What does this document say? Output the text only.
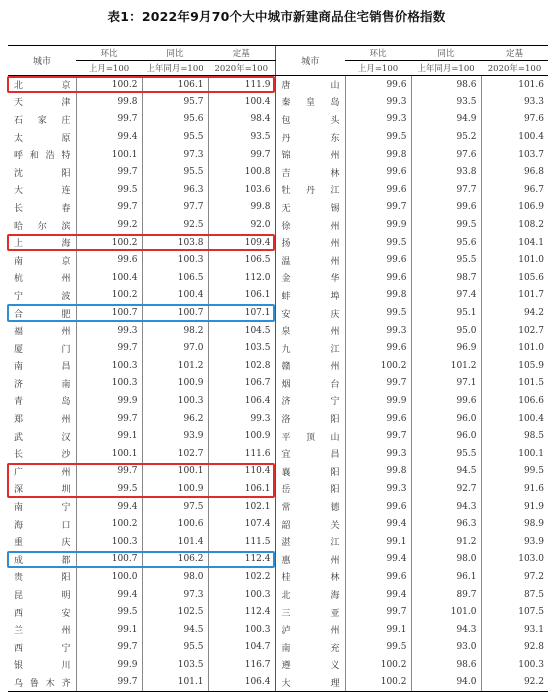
表1：2022年9月70个大中城市新建商品住宅销售价格指数
城市	环比	同比	定基	城市	环比	同比	定基
	上月=100	上年同月=100	2020年=100		上月=100	上年同月=100	2020年=100
北京	100.2	106.1	111.9	唐山	99.6	98.6	101.6
天津	99.8	95.7	100.4	秦皇岛	99.3	93.5	93.3
石家庄	99.7	95.6	98.4	包头	99.3	94.9	97.6
太原	99.4	95.5	93.5	丹东	99.5	95.2	100.4
呼和浩特	100.1	97.3	99.7	锦州	99.8	97.6	103.7
沈阳	99.7	95.5	100.8	吉林	99.6	93.8	96.8
大连	99.5	96.3	103.6	牡丹江	99.6	97.7	96.7
长春	99.7	97.7	99.8	无锡	99.7	99.6	106.9
哈尔滨	99.2	92.5	92.0	徐州	99.9	99.5	108.2
上海	100.2	103.8	109.4	扬州	99.5	95.6	104.1
南京	99.6	100.3	106.5	温州	99.6	95.5	101.0
杭州	100.4	106.5	112.0	金华	99.6	98.7	105.6
宁波	100.2	100.4	106.1	蚌埠	99.8	97.4	101.7
合肥	100.7	100.7	107.1	安庆	99.5	95.1	94.2
福州	99.3	98.2	104.5	泉州	99.3	95.0	102.7
厦门	99.7	97.0	103.5	九江	99.6	96.9	101.0
南昌	100.3	101.2	102.8	赣州	100.2	101.2	105.9
济南	100.3	100.9	106.7	烟台	99.7	97.1	101.5
青岛	99.9	100.3	106.4	济宁	99.9	99.6	106.6
郑州	99.7	96.2	99.3	洛阳	99.6	96.0	100.4
武汉	99.1	93.9	100.9	平顶山	99.7	96.0	98.5
长沙	100.1	102.7	111.6	宜昌	99.3	95.5	100.1
广州	99.7	100.1	110.4	襄阳	99.8	94.5	99.5
深圳	99.5	100.9	106.1	岳阳	99.3	92.7	91.6
南宁	99.4	97.5	102.1	常德	99.6	94.3	91.9
海口	100.2	100.6	107.4	韶关	99.4	96.3	98.9
重庆	100.3	101.4	111.5	湛江	99.1	91.2	93.9
成都	100.7	106.2	112.4	惠州	99.4	98.0	103.0
贵阳	100.0	98.0	102.2	桂林	99.6	96.1	97.2
昆明	99.4	97.3	100.3	北海	99.4	89.7	87.5
西安	99.5	102.5	112.4	三亚	99.7	101.0	107.5
兰州	99.1	94.5	100.3	泸州	99.1	94.3	93.1
西宁	99.7	95.5	104.7	南充	99.5	93.0	92.8
银川	99.9	103.5	116.7	遵义	100.2	98.6	100.3
乌鲁木齐	99.7	101.1	106.4	大理	100.2	94.0	92.2
